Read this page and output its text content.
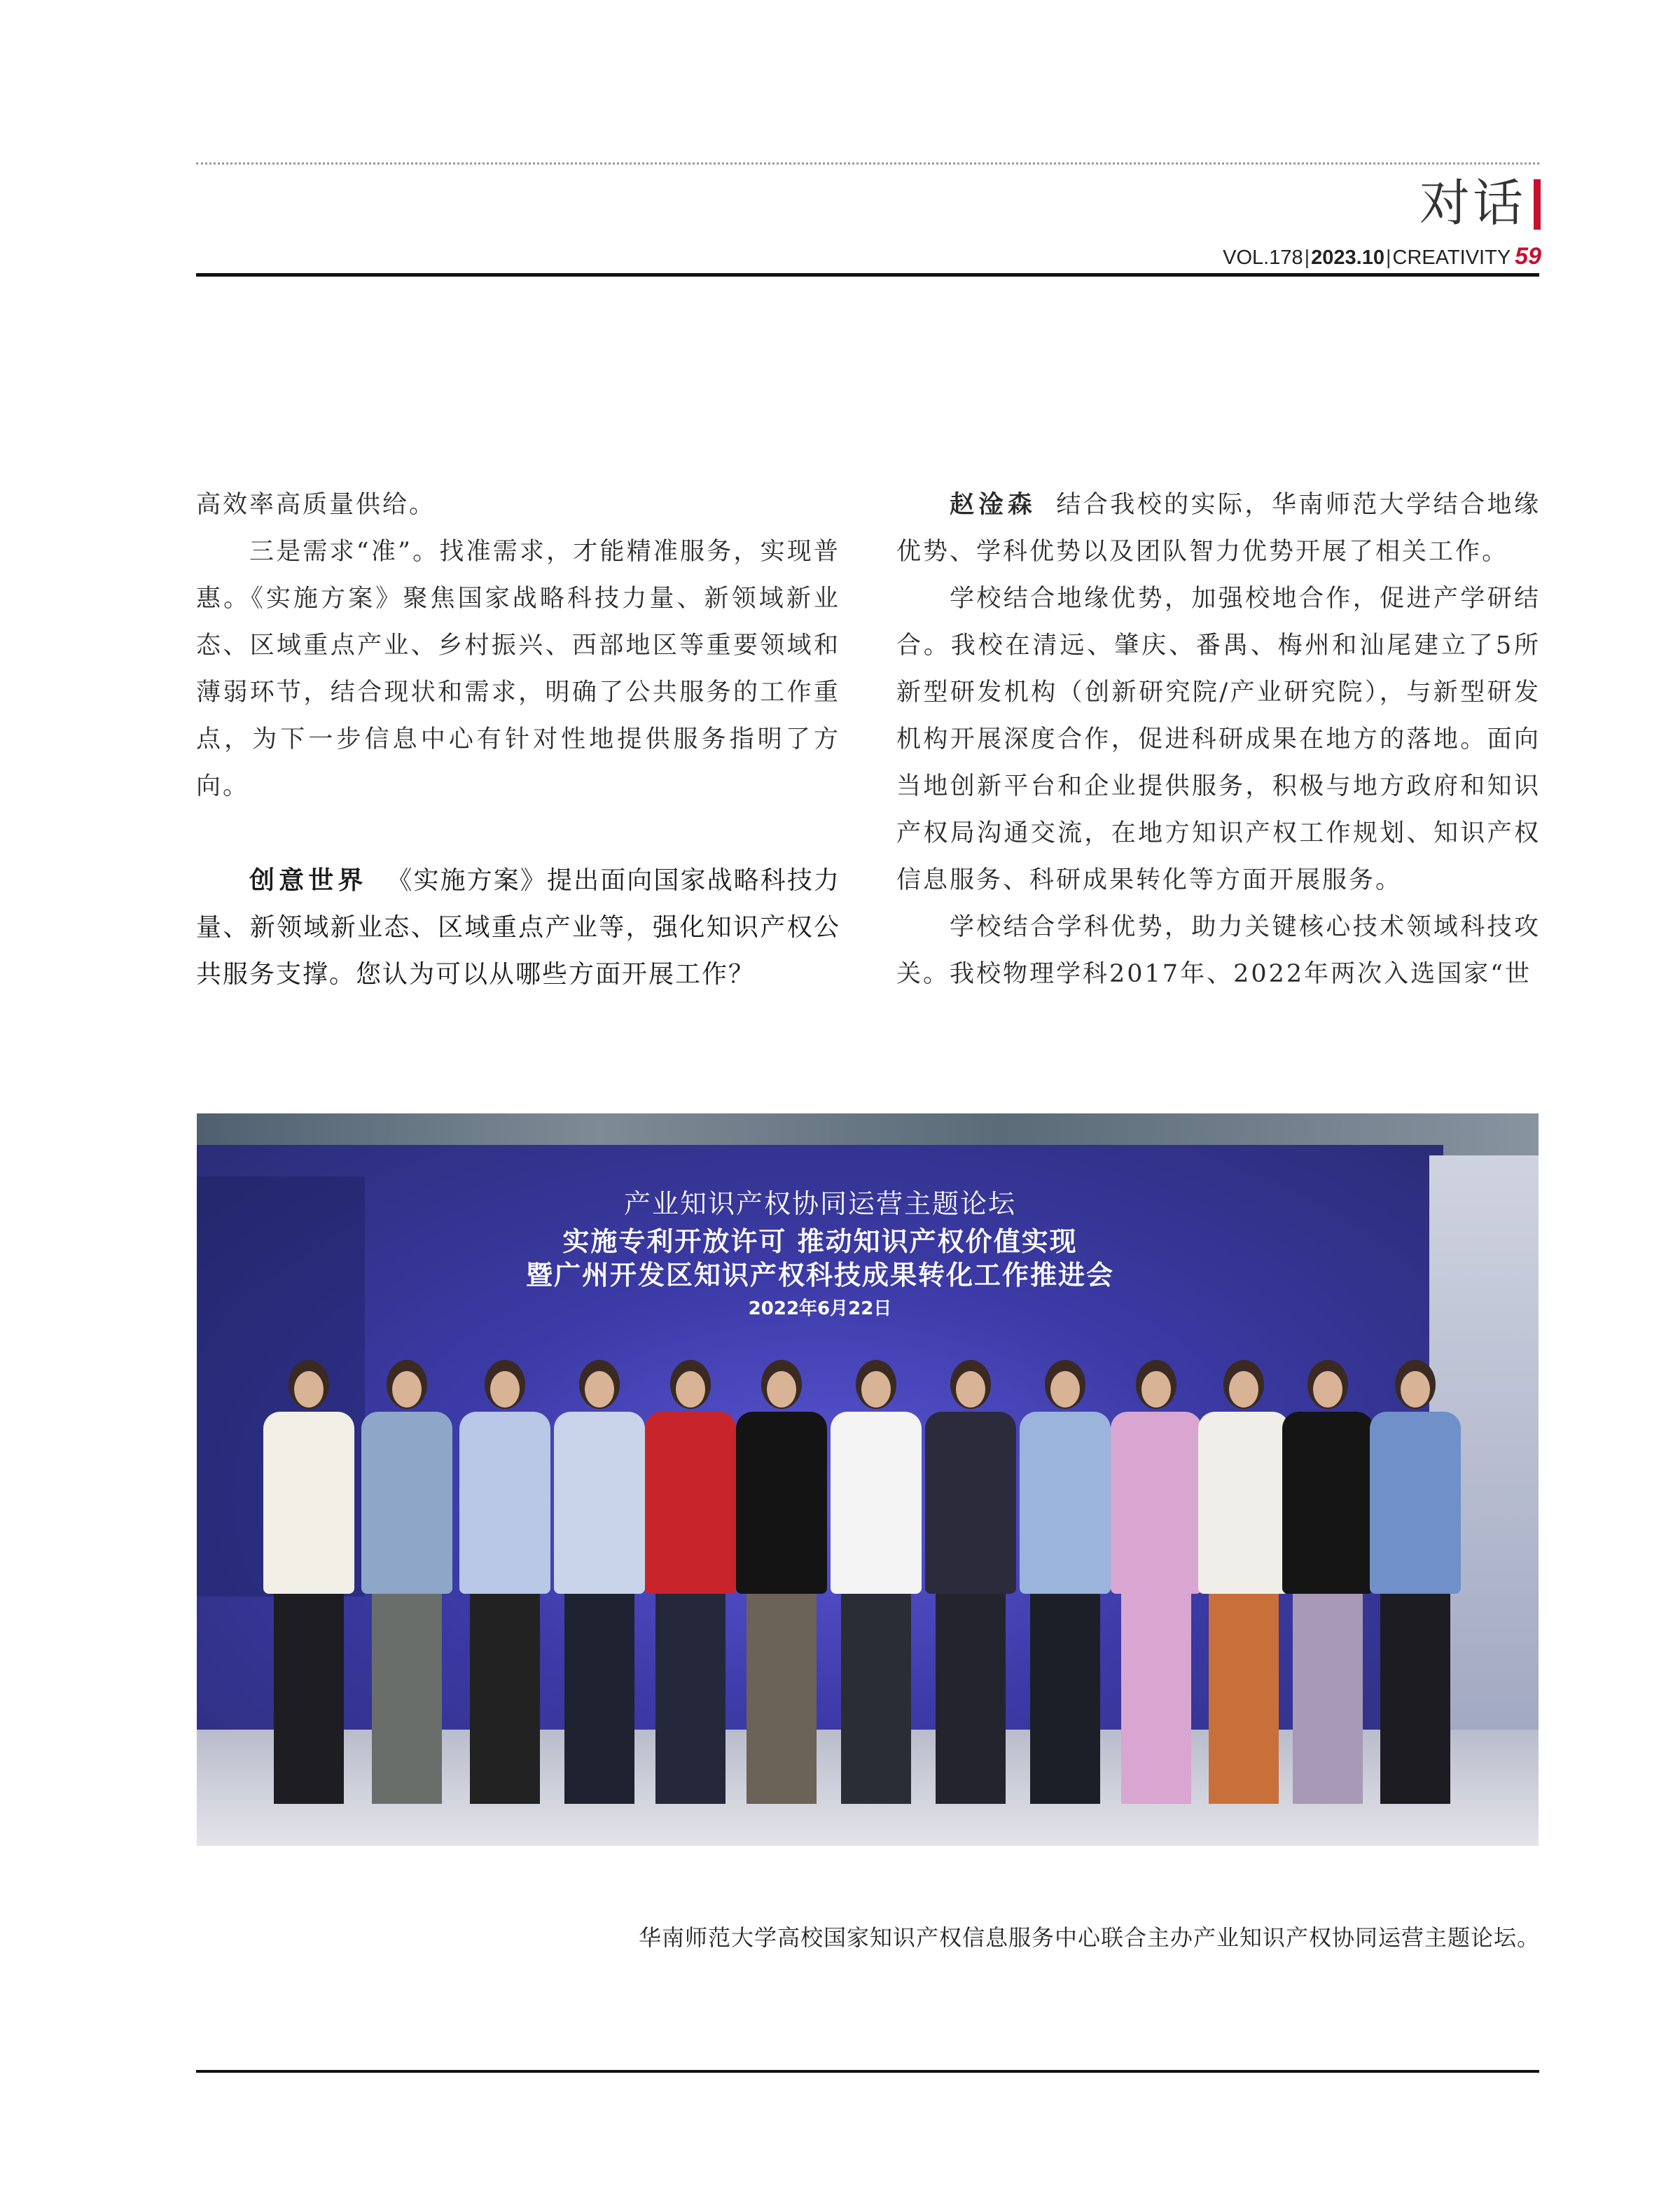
对话
VOL.178|2023.10|CREATIVITY 59

高效率高质量供给。

三是需求“准”。找准需求，才能精准服务，实现普惠。《实施方案》聚焦国家战略科技力量、新领域新业态、区域重点产业、乡村振兴、西部地区等重要领域和薄弱环节，结合现状和需求，明确了公共服务的工作重点，为下一步信息中心有针对性地提供服务指明了方向。

创意世界 《实施方案》提出面向国家战略科技力量、新领域新业态、区域重点产业等，强化知识产权公共服务支撑。您认为可以从哪些方面开展工作？

赵淦森 结合我校的实际，华南师范大学结合地缘优势、学科优势以及团队智力优势开展了相关工作。

学校结合地缘优势，加强校地合作，促进产学研结合。我校在清远、肇庆、番禺、梅州和汕尾建立了5所新型研发机构（创新研究院/产业研究院），与新型研发机构开展深度合作，促进科研成果在地方的落地。面向当地创新平台和企业提供服务，积极与地方政府和知识产权局沟通交流，在地方知识产权工作规划、知识产权信息服务、科研成果转化等方面开展服务。

学校结合学科优势，助力关键核心技术领域科技攻关。我校物理学科2017年、2022年两次入选国家“世

产业知识产权协同运营主题论坛
实施专利开放许可 推动知识产权价值实现
暨广州开发区知识产权科技成果转化工作推进会
2022年6月22日
华南师范大学高校国家知识产权信息服务中心联合主办产业知识产权协同运营主题论坛。
